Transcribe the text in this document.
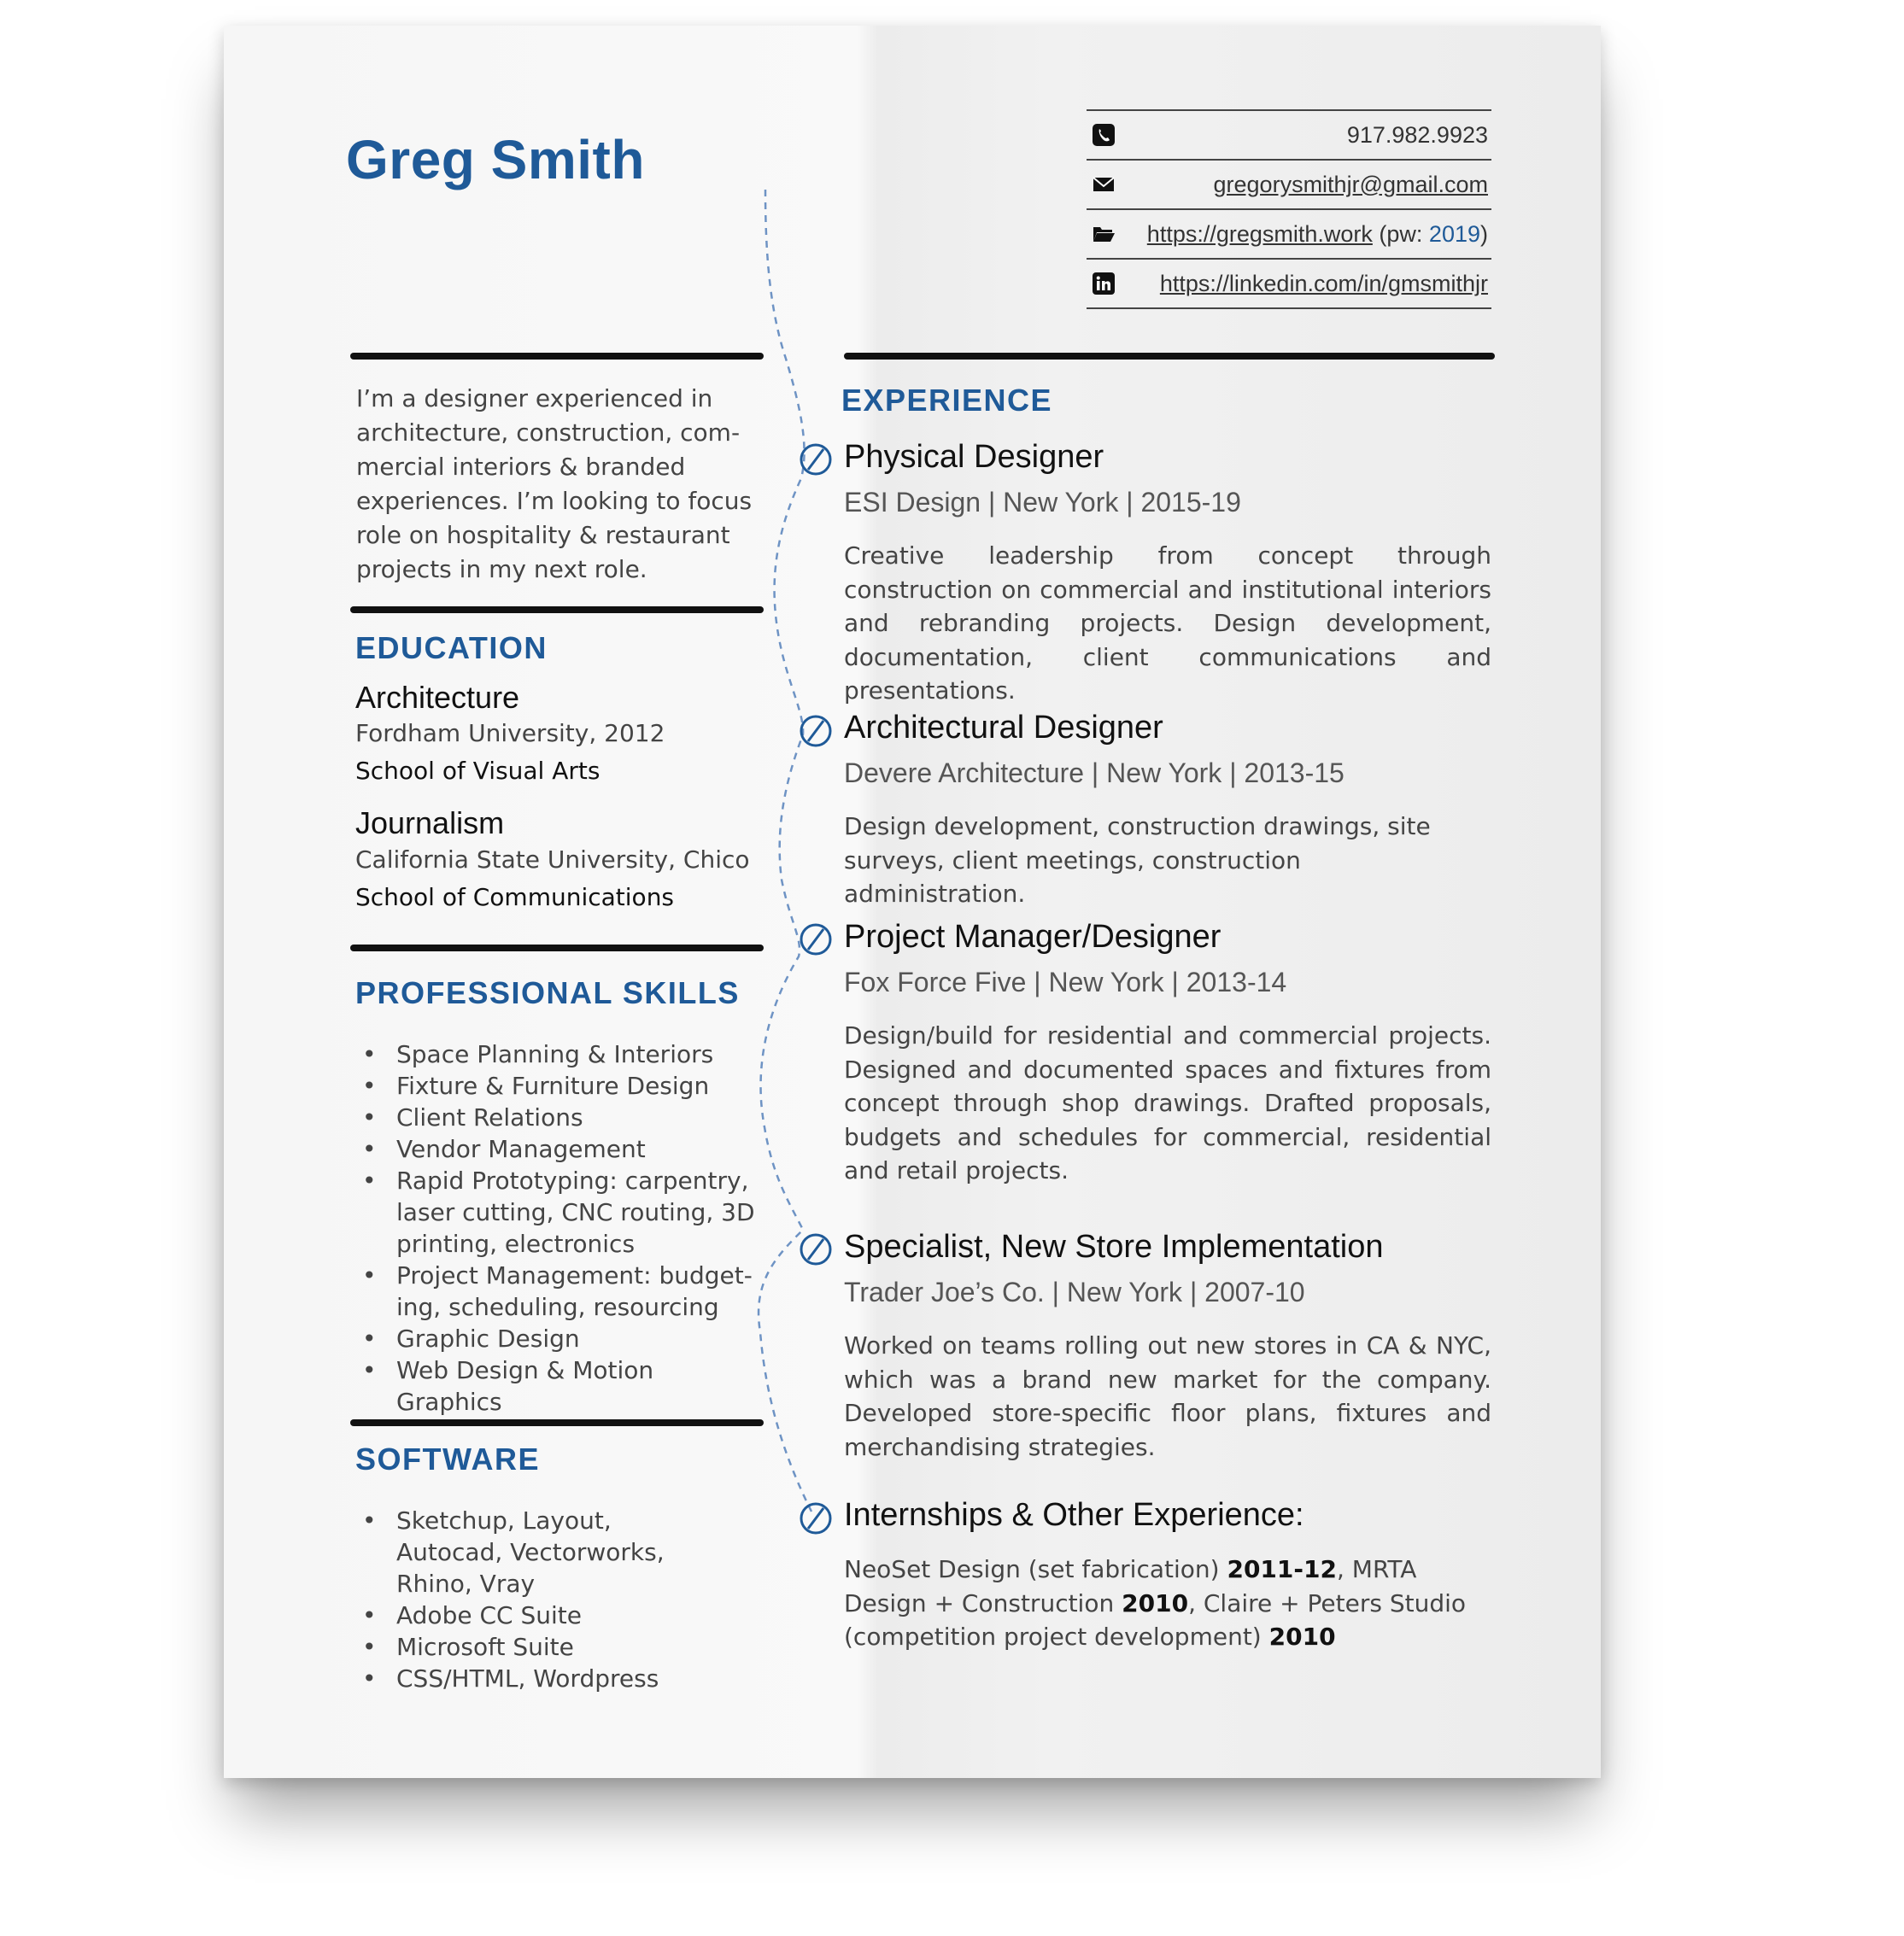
Greg Smith	917.982.9923
gregorysmithjr@gmail.com
https://gregsmith.work (pw: 2019)
https://linkedin.com/in/gmsmithjr
I’m a designer experienced in architecture, construction, commercial interiors & branded experiences. I’m looking to focus role on hospitality & restaurant projects in my next role.
EDUCATION
Architecture
Fordham University, 2012
School of Visual Arts
Journalism
California State University, Chico
School of Communications
PROFESSIONAL SKILLS
• Space Planning & Interiors
• Fixture & Furniture Design
• Client Relations
• Vendor Management
• Rapid Prototyping: carpentry, laser cutting, CNC routing, 3D printing, electronics
• Project Management: budgeting, scheduling, resourcing
• Graphic Design
• Web Design & Motion Graphics
SOFTWARE
• Sketchup, Layout, Autocad, Vectorworks, Rhino, Vray
• Adobe CC Suite
• Microsoft Suite
• CSS/HTML, Wordpress
EXPERIENCE
Physical Designer
ESI Design | New York | 2015-19
Creative leadership from concept through construction on commercial and institutional interiors and rebranding projects. Design development, documentation, client communications and presentations.
Architectural Designer
Devere Architecture | New York | 2013-15
Design development, construction drawings, site surveys, client meetings, construction administration.
Project Manager/Designer
Fox Force Five | New York | 2013-14
Design/build for residential and commercial projects. Designed and documented spaces and fixtures from concept through shop drawings. Drafted proposals, budgets and schedules for commercial, residential and retail projects.
Specialist, New Store Implementation
Trader Joe’s Co. | New York | 2007-10
Worked on teams rolling out new stores in CA & NYC, which was a brand new market for the company. Developed store-specific floor plans, fixtures and merchandising strategies.
Internships & Other Experience:
NeoSet Design (set fabrication) 2011-12, MRTA Design + Construction 2010, Claire + Peters Studio (competition project development) 2010
